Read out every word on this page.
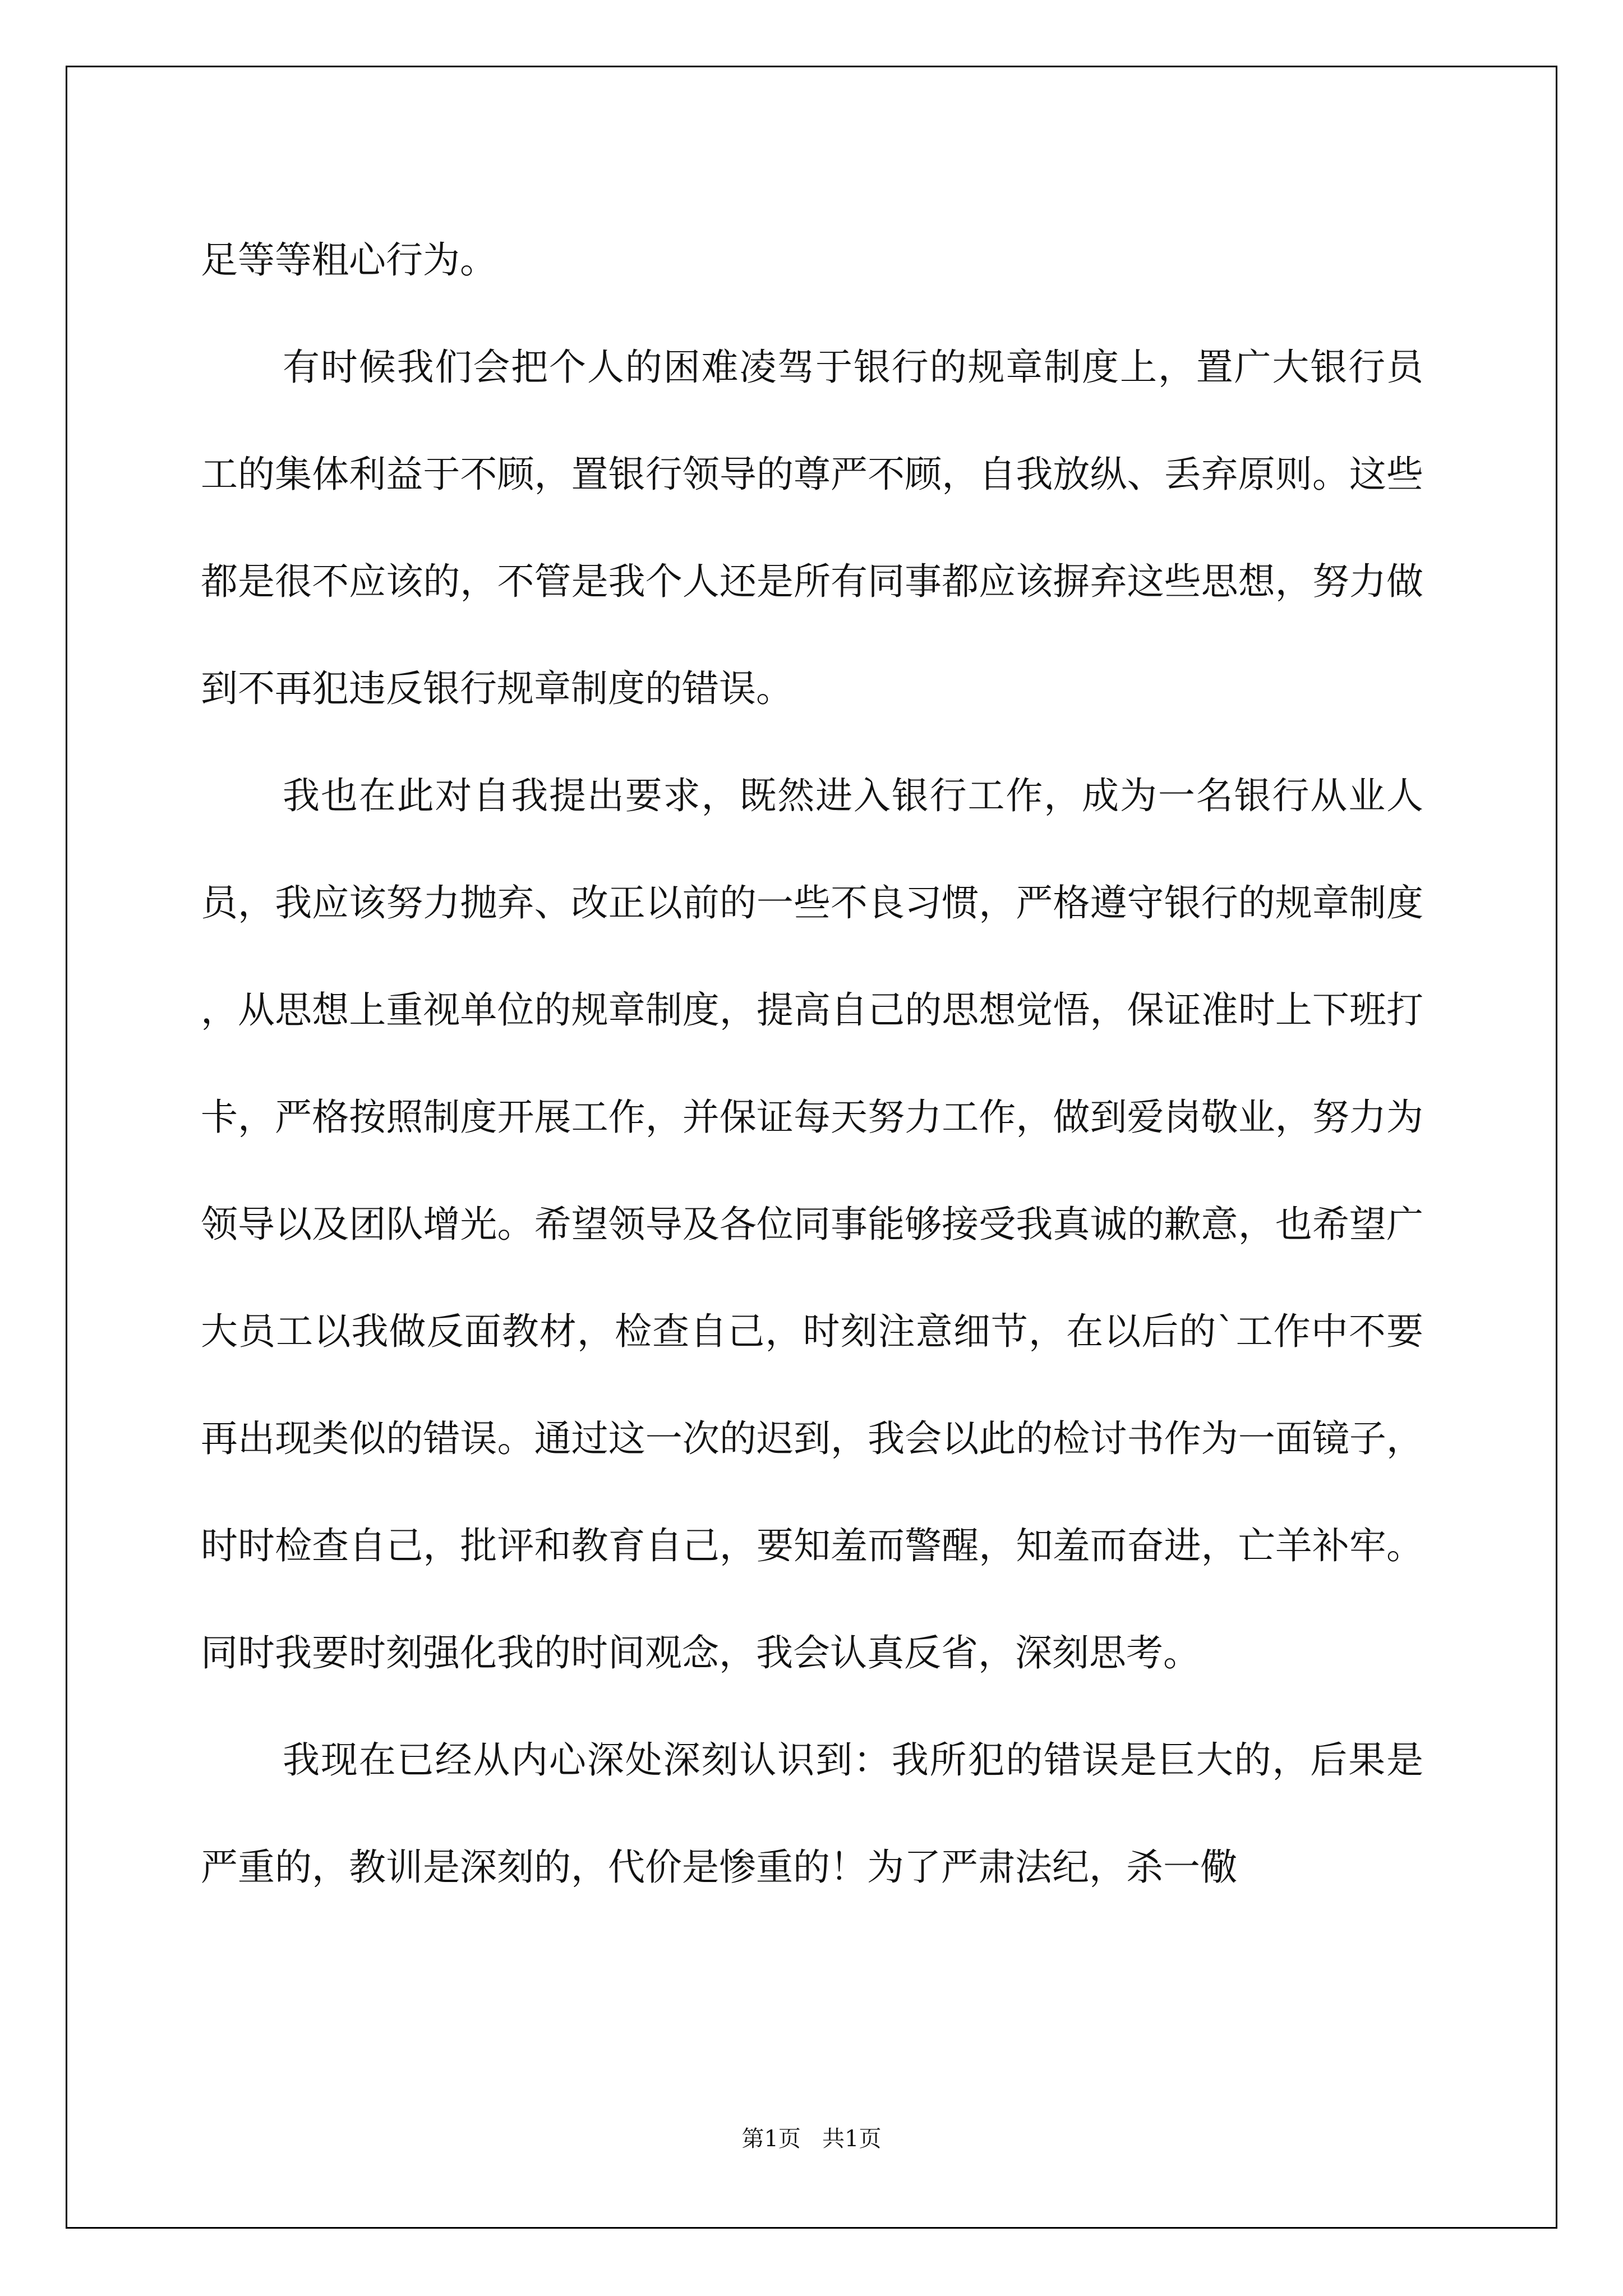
足等等粗心行为。

有时候我们会把个人的困难凌驾于银行的规章制度上，置广大银行员工的集体利益于不顾，置银行领导的尊严不顾，自我放纵、丢弃原则。这些都是很不应该的，不管是我个人还是所有同事都应该摒弃这些思想，努力做到不再犯违反银行规章制度的错误。

我也在此对自我提出要求，既然进入银行工作，成为一名银行从业人员，我应该努力抛弃、改正以前的一些不良习惯，严格遵守银行的规章制度，从思想上重视单位的规章制度，提高自己的思想觉悟，保证准时上下班打卡，严格按照制度开展工作，并保证每天努力工作，做到爱岗敬业，努力为领导以及团队增光。希望领导及各位同事能够接受我真诚的歉意，也希望广大员工以我做反面教材，检查自己，时刻注意细节，在以后的`工作中不要再出现类似的错误。通过这一次的迟到，我会以此的检讨书作为一面镜子，时时检查自己，批评和教育自己，要知羞而警醒，知羞而奋进，亡羊补牢。同时我要时刻强化我的时间观念，我会认真反省，深刻思考。

我现在已经从内心深处深刻认识到：我所犯的错误是巨大的，后果是严重的，教训是深刻的，代价是惨重的！为了严肃法纪，杀一儆

第1页   共1页
